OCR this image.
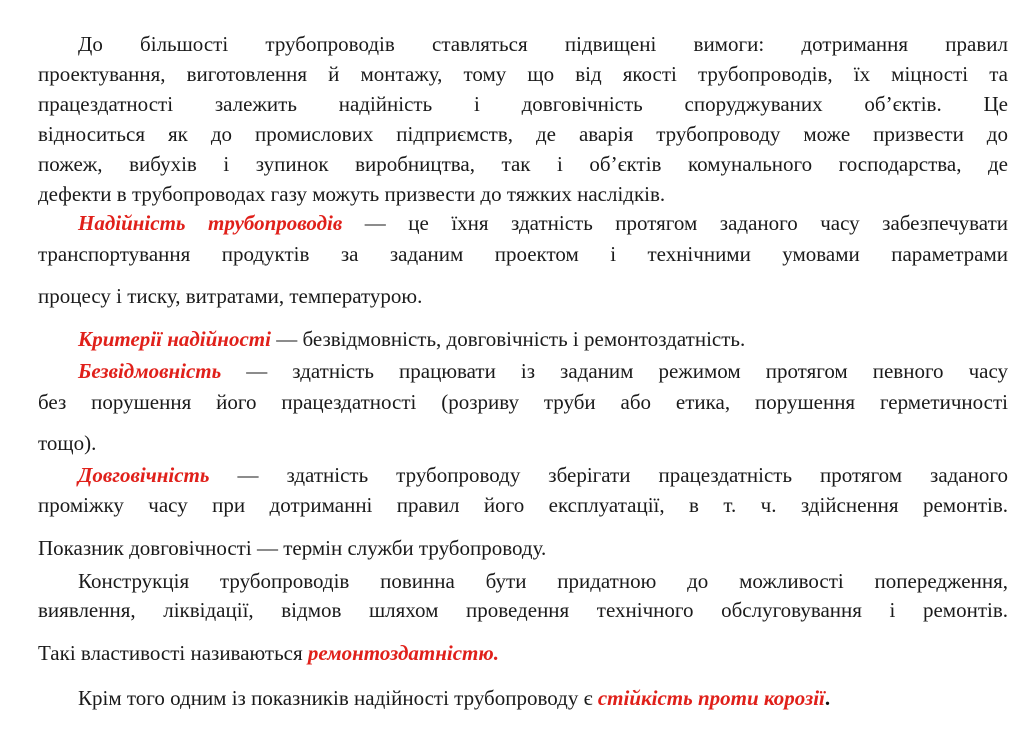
До більшості трубопроводів ставляться підвищені вимоги: дотримання правил
проектування, виготовлення й монтажу, тому що від якості трубопроводів, їх міцності та
працездатності залежить надійність і довговічність споруджуваних об’єктів. Це
відноситься як до промислових підприємств, де аварія трубопроводу може призвести до
пожеж, вибухів і зупинок виробництва, так і об’єктів комунального господарства, де
дефекти в трубопроводах газу можуть призвести до тяжких наслідків.
Надійність трубопроводів — це їхня здатність протягом заданого часу забезпечувати
транспортування продуктів за заданим проектом і технічними умовами параметрами
процесу і тиску, витратами, температурою.
Критерії надійності — безвідмовність, довговічність і ремонтоздатність.
Безвідмовність — здатність працювати із заданим режимом протягом певного часу
без порушення його працездатності (розриву труби або етика, порушення герметичності
тощо).
Довговічність — здатність трубопроводу зберігати працездатність протягом заданого
проміжку часу при дотриманні правил його експлуатації, в т. ч. здійснення ремонтів.
Показник довговічності — термін служби трубопроводу.
Конструкція трубопроводів повинна бути придатною до можливості попередження,
виявлення, ліквідації, відмов шляхом проведення технічного обслуговування і ремонтів.
Такі властивості називаються ремонтоздатністю.
Крім того одним із показників надійності трубопроводу є стійкість проти корозії.
